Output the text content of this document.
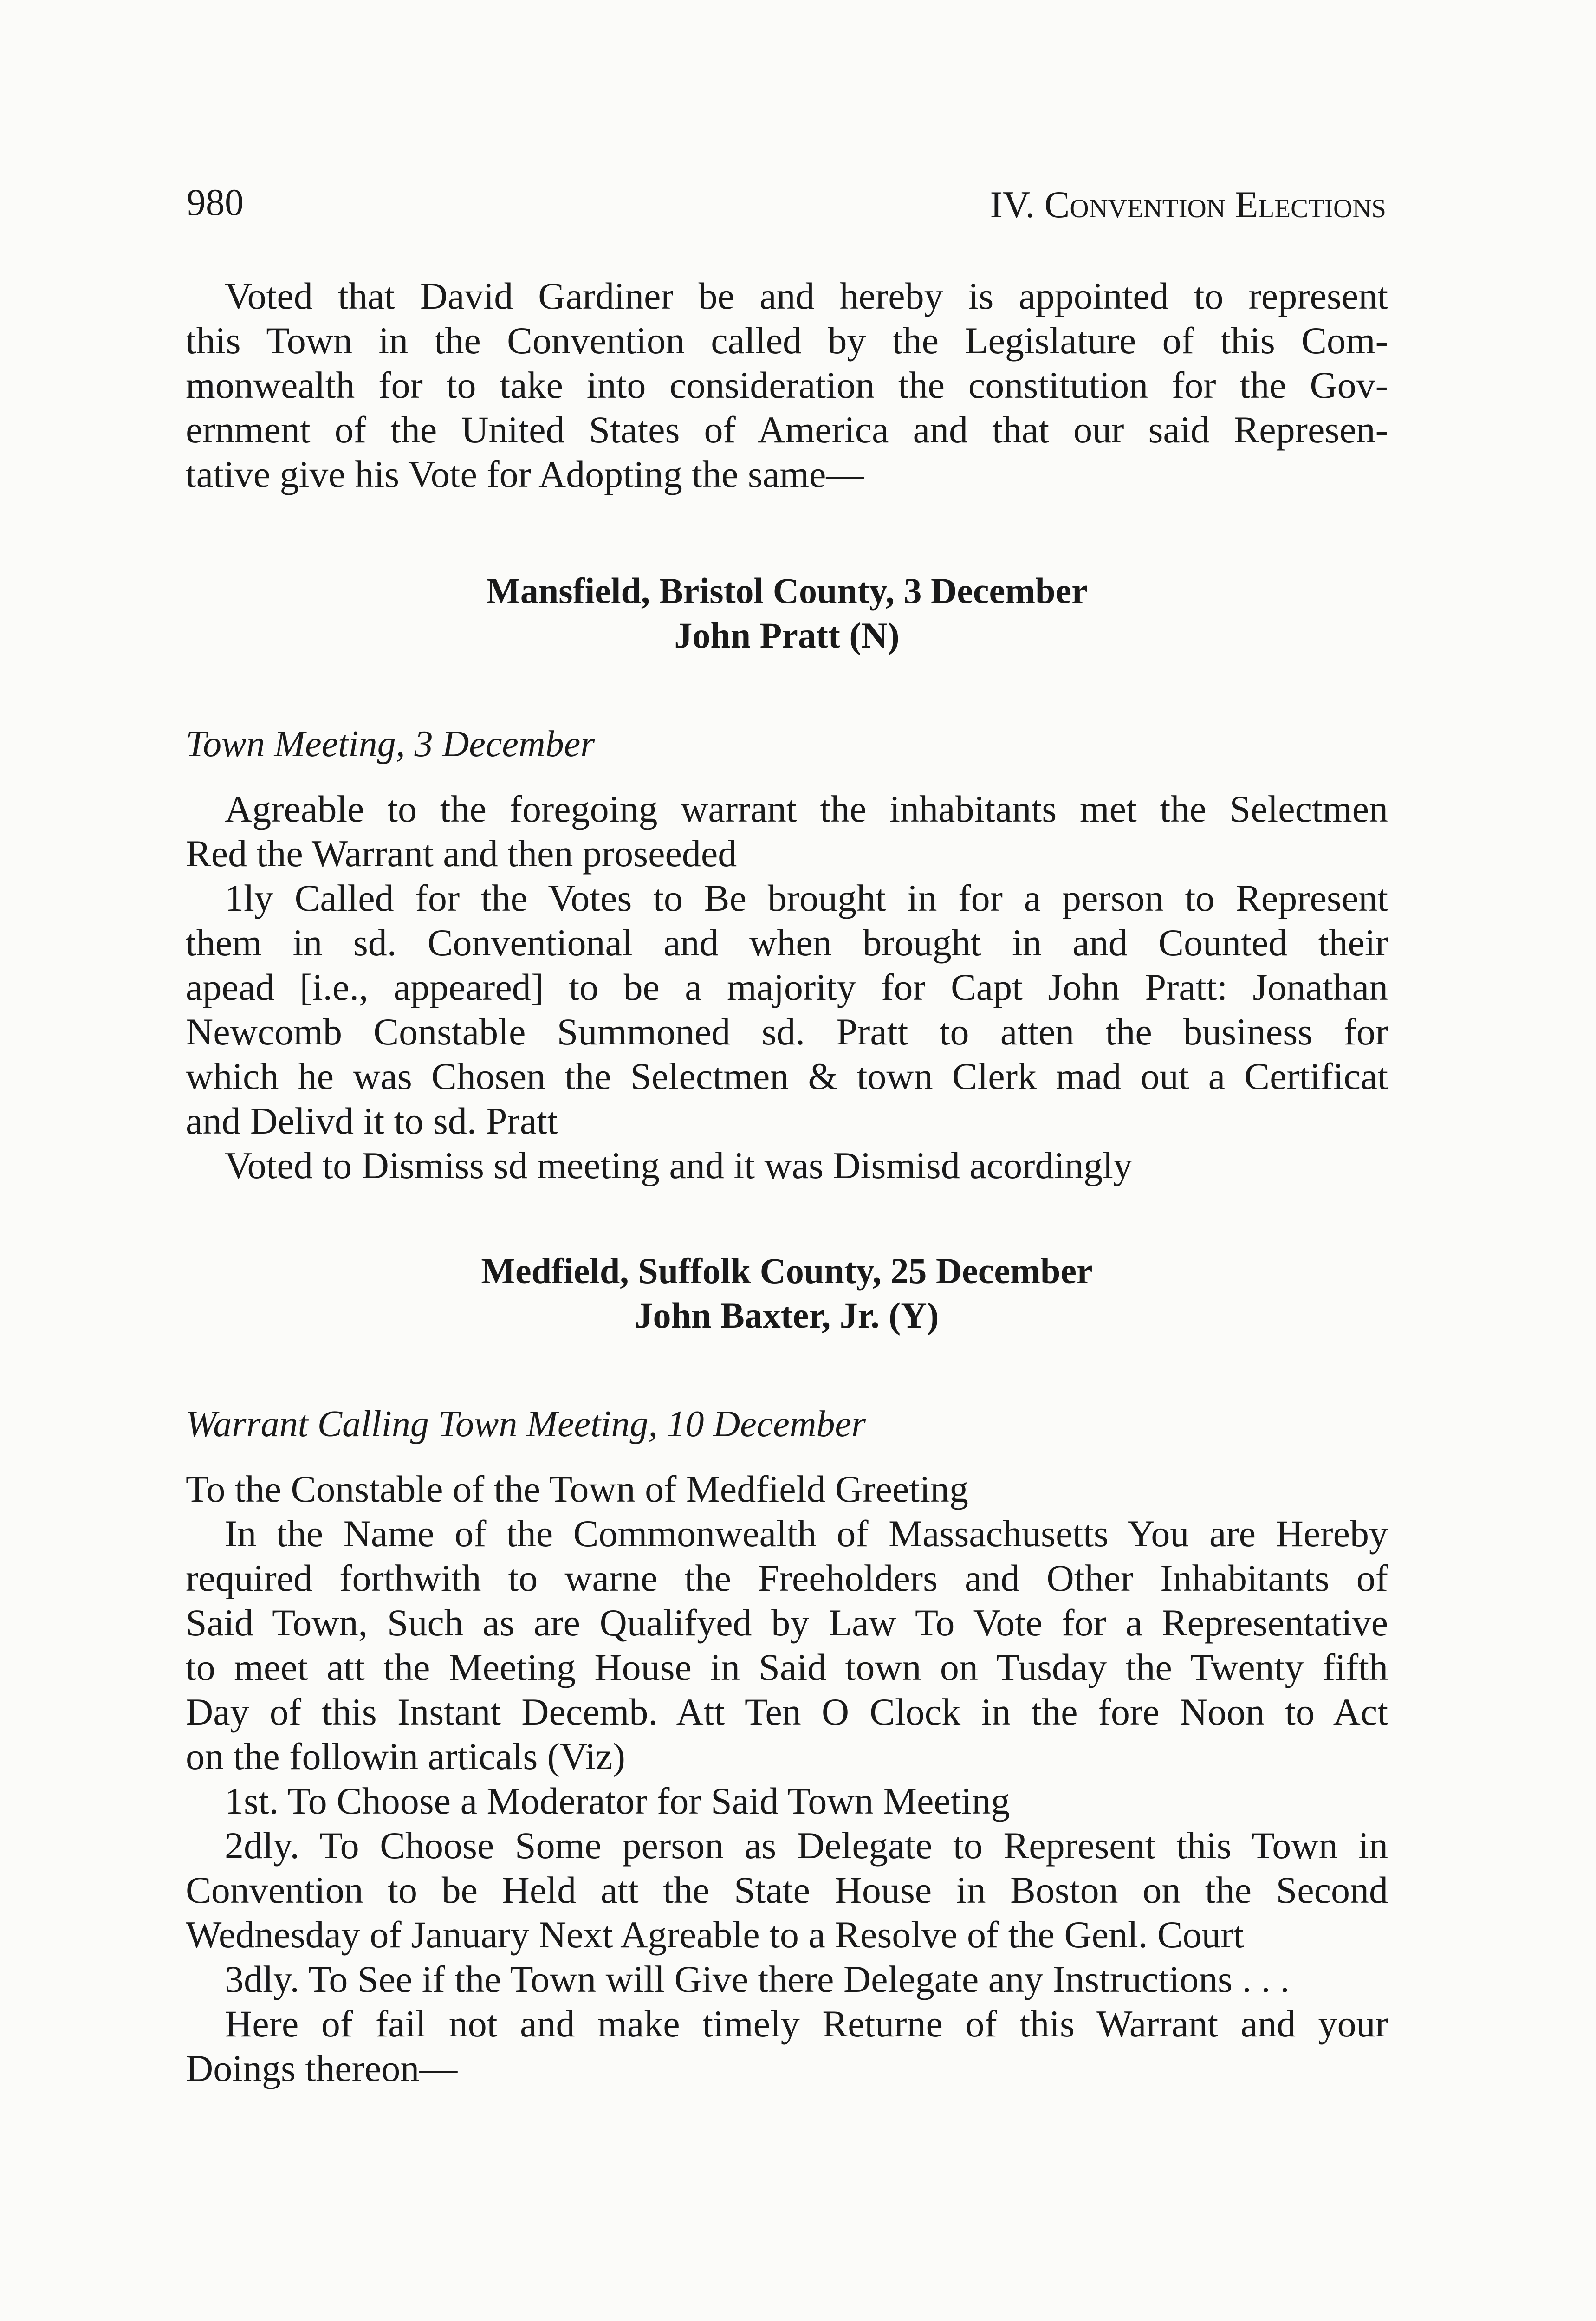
980	IV. Convention Elections
Voted that David Gardiner be and hereby is appointed to represent
this Town in the Convention called by the Legislature of this Com-
monwealth for to take into consideration the constitution for the Gov-
ernment of the United States of America and that our said Represen-
tative give his Vote for Adopting the same—
Mansfield, Bristol County, 3 December
John Pratt (N)
Town Meeting, 3 December
Agreable to the foregoing warrant the inhabitants met the Selectmen
Red the Warrant and then proseeded
1ly Called for the Votes to Be brought in for a person to Represent
them in sd. Conventional and when brought in and Counted their
apead [i.e., appeared] to be a majority for Capt John Pratt: Jonathan
Newcomb Constable Summoned sd. Pratt to atten the business for
which he was Chosen the Selectmen & town Clerk mad out a Certificat
and Delivd it to sd. Pratt
Voted to Dismiss sd meeting and it was Dismisd acordingly
Medfield, Suffolk County, 25 December
John Baxter, Jr. (Y)
Warrant Calling Town Meeting, 10 December
To the Constable of the Town of Medfield Greeting
In the Name of the Commonwealth of Massachusetts You are Hereby
required forthwith to warne the Freeholders and Other Inhabitants of
Said Town, Such as are Qualifyed by Law To Vote for a Representative
to meet att the Meeting House in Said town on Tusday the Twenty fifth
Day of this Instant Decemb. Att Ten O Clock in the fore Noon to Act
on the followin articals (Viz)
1st. To Choose a Moderator for Said Town Meeting
2dly. To Choose Some person as Delegate to Represent this Town in
Convention to be Held att the State House in Boston on the Second
Wednesday of January Next Agreable to a Resolve of the Genl. Court
3dly. To See if the Town will Give there Delegate any Instructions . . .
Here of fail not and make timely Returne of this Warrant and your
Doings thereon—
